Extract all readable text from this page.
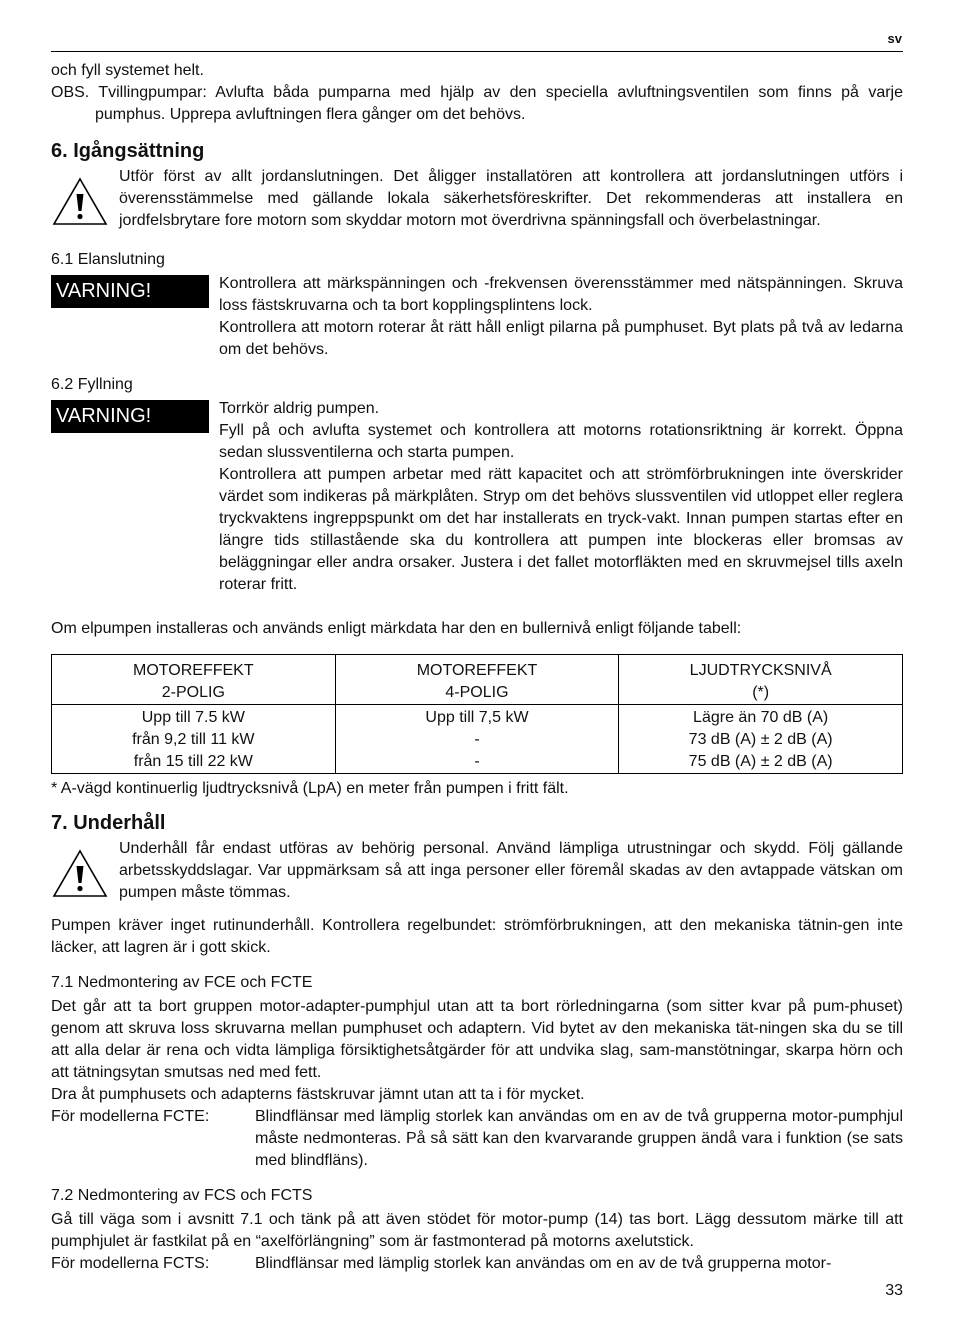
sv

och fyll systemet helt.

OBS. Tvillingpumpar: Avlufta båda pumparna med hjälp av den speciella avluftningsventilen som finns på varje pumphus. Upprepa avluftningen flera gånger om det behövs.

6. Igångsättning

Utför först av allt jordanslutningen. Det åligger installatören att kontrollera att jordanslutningen utförs i överensstämmelse med gällande lokala säkerhetsföreskrifter. Det rekommenderas att installera en jordfelsbrytare fore motorn som skyddar motorn mot överdrivna spänningsfall och överbelastningar.

6.1 Elanslutning
VARNING!	Kontrollera att märkspänningen och -frekvensen överensstämmer med nätspänningen. Skruva loss fästskruvarna och ta bort kopplingsplintens lock.

Kontrollera att motorn roterar åt rätt håll enligt pilarna på pumphuset. Byt plats på två av ledarna om det behövs.

6.2 Fyllning
VARNING!	Torrkör aldrig pumpen.

Fyll på och avlufta systemet och kontrollera att motorns rotationsriktning är korrekt. Öppna sedan slussventilerna och starta pumpen.

Kontrollera att pumpen arbetar med rätt kapacitet och att strömförbrukningen inte överskrider värdet som indikeras på märkplåten. Stryp om det behövs slussventilen vid utloppet eller reglera tryckvaktens ingreppspunkt om det har installerats en tryck-vakt. Innan pumpen startas efter en längre tids stillastående ska du kontrollera att pumpen inte blockeras eller bromsas av beläggningar eller andra orsaker. Justera i det fallet motorfläkten med en skruvmejsel tills axeln roterar fritt.

Om elpumpen installeras och används enligt märkdata har den en bullernivå enligt följande tabell:

MOTOREFFEKT
2-POLIG	MOTOREFFEKT
4-POLIG	LJUDTRYCKSNIVÅ
(*)

Upp till 7.5 kW
från 9,2 till 11 kW
från 15 till 22 kW	Upp till 7,5 kW
-
-	Lägre än 70 dB (A)
73 dB (A) ± 2 dB (A)
75 dB (A) ± 2 dB (A)

* A-vägd kontinuerlig ljudtrycksnivå (LpA) en meter från pumpen i fritt fält.

7. Underhåll

Underhåll får endast utföras av behörig personal. Använd lämpliga utrustningar och skydd. Följ gällande arbetsskyddslagar. Var uppmärksam så att inga personer eller föremål skadas av den avtappade vätskan om pumpen måste tömmas.

Pumpen kräver inget rutinunderhåll. Kontrollera regelbundet: strömförbrukningen, att den mekaniska tätnin-gen inte läcker, att lagren är i gott skick.

7.1 Nedmontering av FCE och FCTE

Det går att ta bort gruppen motor-adapter-pumphjul utan att ta bort rörledningarna (som sitter kvar på pum-phuset) genom att skruva loss skruvarna mellan pumphuset och adaptern. Vid bytet av den mekaniska tät-ningen ska du se till att alla delar är rena och vidta lämpliga försiktighetsåtgärder för att undvika slag, sam-manstötningar, skarpa hörn och att tätningsytan smutsas ned med fett.

Dra åt pumphusets och adapterns fästskruvar jämnt utan att ta i för mycket.

För modellerna FCTE:	Blindflänsar med lämplig storlek kan användas om en av de två grupperna motor-pumphjul måste nedmonteras. På så sätt kan den kvarvarande gruppen ändå vara i funktion (se sats med blindfläns).

7.2 Nedmontering av FCS och FCTS

Gå till väga som i avsnitt 7.1 och tänk på att även stödet för motor-pump (14) tas bort. Lägg dessutom märke till att pumphjulet är fastkilat på en “axelförlängning” som är fastmonterad på motorns axelutstick.

För modellerna FCTS:	Blindflänsar med lämplig storlek kan användas om en av de två grupperna motor-

33
